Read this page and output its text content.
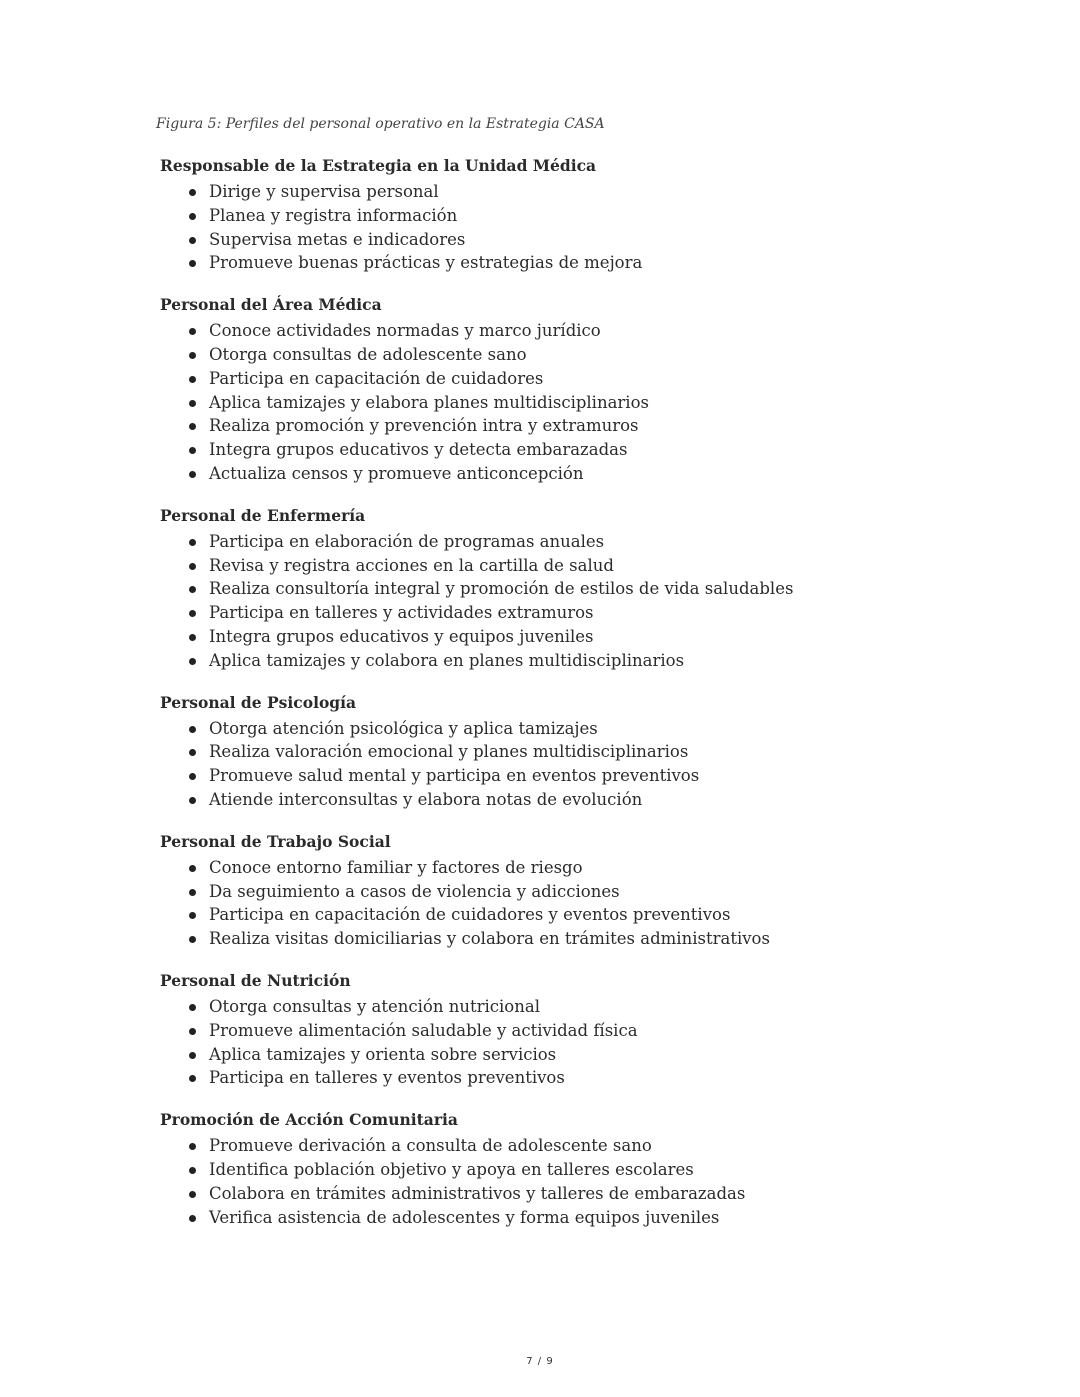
Figura 5: Perfiles del personal operativo en la Estrategia CASA
Responsable de la Estrategia en la Unidad Médica
Dirige y supervisa personal
Planea y registra información
Supervisa metas e indicadores
Promueve buenas prácticas y estrategias de mejora
Personal del Área Médica
Conoce actividades normadas y marco jurídico
Otorga consultas de adolescente sano
Participa en capacitación de cuidadores
Aplica tamizajes y elabora planes multidisciplinarios
Realiza promoción y prevención intra y extramuros
Integra grupos educativos y detecta embarazadas
Actualiza censos y promueve anticoncepción
Personal de Enfermería
Participa en elaboración de programas anuales
Revisa y registra acciones en la cartilla de salud
Realiza consultoría integral y promoción de estilos de vida saludables
Participa en talleres y actividades extramuros
Integra grupos educativos y equipos juveniles
Aplica tamizajes y colabora en planes multidisciplinarios
Personal de Psicología
Otorga atención psicológica y aplica tamizajes
Realiza valoración emocional y planes multidisciplinarios
Promueve salud mental y participa en eventos preventivos
Atiende interconsultas y elabora notas de evolución
Personal de Trabajo Social
Conoce entorno familiar y factores de riesgo
Da seguimiento a casos de violencia y adicciones
Participa en capacitación de cuidadores y eventos preventivos
Realiza visitas domiciliarias y colabora en trámites administrativos
Personal de Nutrición
Otorga consultas y atención nutricional
Promueve alimentación saludable y actividad física
Aplica tamizajes y orienta sobre servicios
Participa en talleres y eventos preventivos
Promoción de Acción Comunitaria
Promueve derivación a consulta de adolescente sano
Identifica población objetivo y apoya en talleres escolares
Colabora en trámites administrativos y talleres de embarazadas
Verifica asistencia de adolescentes y forma equipos juveniles
7 / 9
